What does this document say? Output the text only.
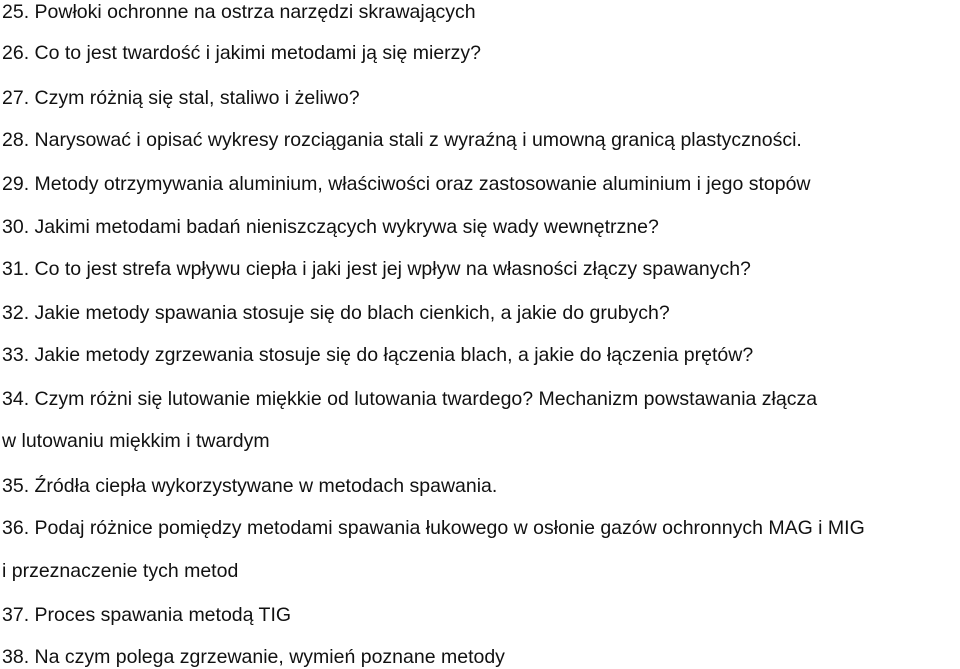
25. Powłoki ochronne na ostrza narzędzi skrawających
26. Co to jest twardość i jakimi metodami ją się mierzy?
27. Czym różnią się stal, staliwo i żeliwo?
28. Narysować i opisać wykresy rozciągania stali z wyraźną i umowną granicą plastyczności.
29. Metody otrzymywania aluminium, właściwości oraz zastosowanie aluminium i jego stopów
30. Jakimi metodami badań nieniszczących wykrywa się wady wewnętrzne?
31. Co to jest strefa wpływu ciepła i jaki jest jej wpływ na własności złączy spawanych?
32. Jakie metody spawania stosuje się do blach cienkich, a jakie do grubych?
33. Jakie metody zgrzewania stosuje się do łączenia blach, a jakie do łączenia prętów?
34. Czym różni się lutowanie miękkie od lutowania twardego? Mechanizm powstawania złącza
w lutowaniu miękkim i twardym
35. Źródła ciepła wykorzystywane w metodach spawania.
36. Podaj różnice pomiędzy metodami spawania łukowego w osłonie gazów ochronnych MAG i MIG
i przeznaczenie tych metod
37. Proces spawania metodą TIG
38. Na czym polega zgrzewanie, wymień poznane metody
